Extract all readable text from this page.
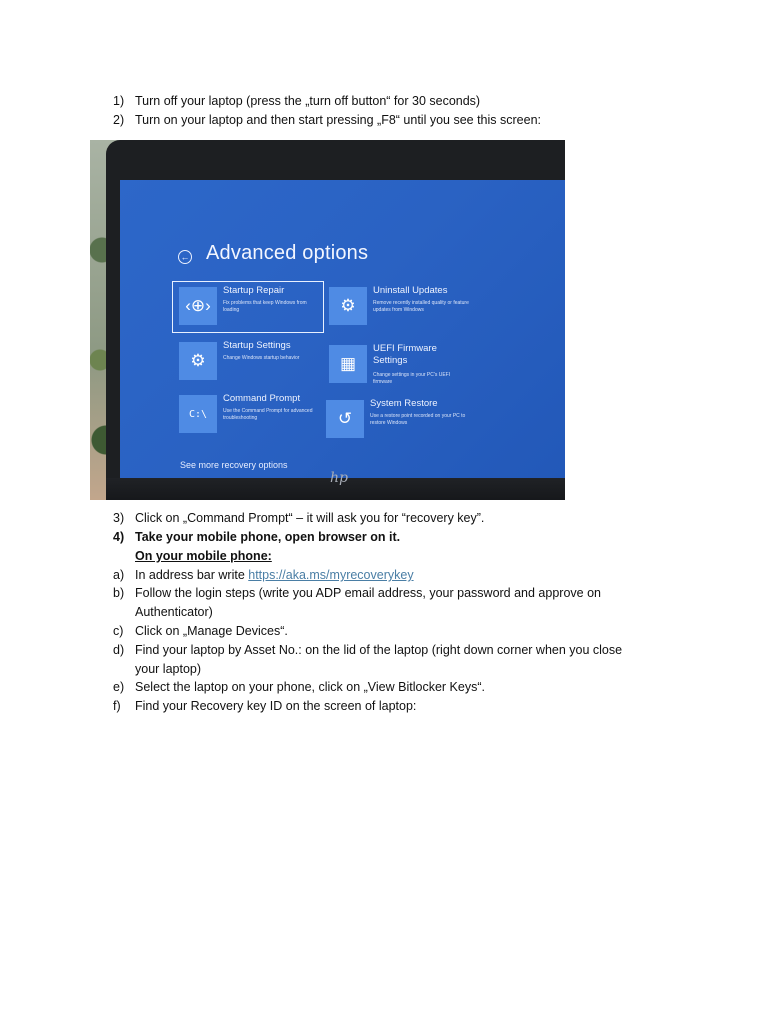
1) Turn off your laptop (press the „turn off button“ for 30 seconds)
2) Turn on your laptop and then start pressing „F8“ until you see this screen:
← Advanced options
‹⊕›
Startup Repair
Fix problems that keep Windows from loading	⚙
Uninstall Updates
Remove recently installed quality or feature updates from Windows
⚙
Startup Settings
Change Windows startup behavior	▦
UEFI Firmware Settings
Change settings in your PC's UEFI firmware
C:\
Command Prompt
Use the Command Prompt for advanced troubleshooting	↺
System Restore
Use a restore point recorded on your PC to restore Windows
See more recovery options
hp
3) Click on „Command Prompt“ – it will ask you for “recovery key”.
4) Take your mobile phone, open browser on it.
On your mobile phone:
a) In address bar write https://aka.ms/myrecoverykey
b) Follow the login steps (write you ADP email address, your password and approve on
Authenticator)
c) Click on „Manage Devices“.
d) Find your laptop by Asset No.: on the lid of the laptop (right down corner when you close
your laptop)
e) Select the laptop on your phone, click on „View Bitlocker Keys“.
f)	Find your Recovery key ID on the screen of laptop:
